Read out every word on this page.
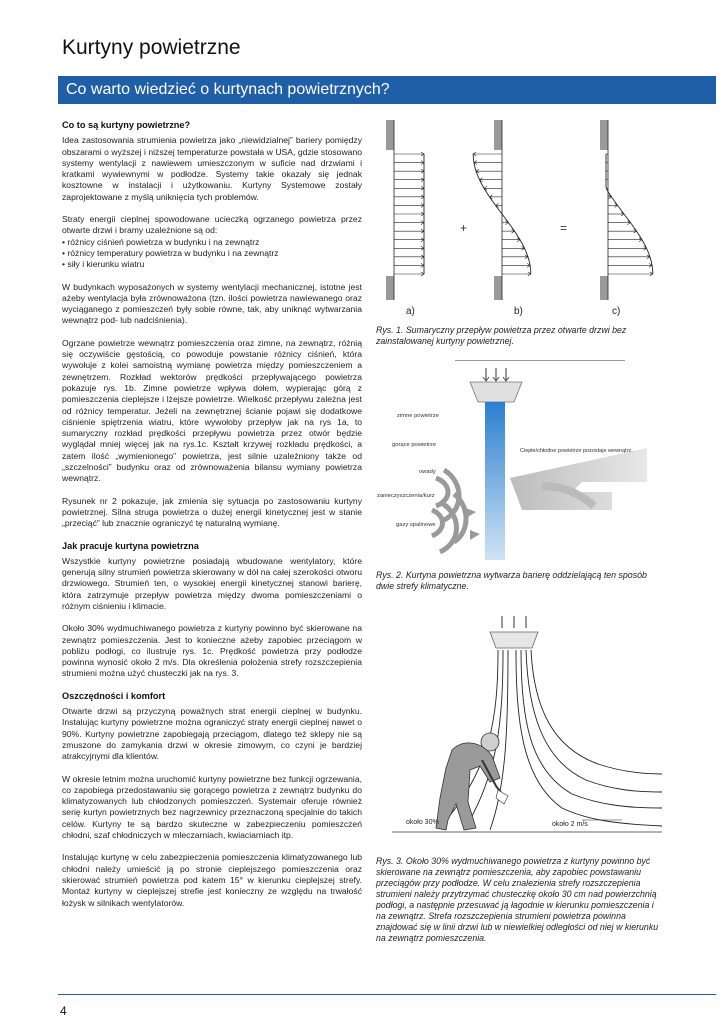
Kurtyny powietrzne
Co warto wiedzieć o kurtynach powietrznych?
Co to są kurtyny powietrzne?

Idea zastosowania strumienia powietrza jako „niewidzialnej” bariery pomiędzy obszarami o wyższej i niższej temperaturze powstała w USA, gdzie stosowano systemy wentylacji z nawiewem umieszczonym w suficie nad drzwiami i kratkami wywiewnymi w podłodze. Systemy takie okazały się jednak kosztowne w instalacji i użytkowaniu. Kurtyny Systemowe zostały zaprojektowane z myślą uniknięcia tych problemów.

Straty energii cieplnej spowodowane ucieczką ogrzanego powietrza przez otwarte drzwi i bramy uzależnione są od:

• różnicy ciśnień powietrza w budynku i na zewnątrz
• różnicy temperatury powietrza w budynku i na zewnątrz
• siły i kierunku wiatru

W budynkach wyposażonych w systemy wentylacji mechanicznej, istotne jest ażeby wentylacja była zrównoważona (tzn. ilości powietrza nawiewanego oraz wyciąganego z pomieszczeń były sobie równe, tak, aby uniknąć wytwarzania wewnątrz pod- lub nadciśnienia).

Ogrzane powietrze wewnątrz pomieszczenia oraz zimne, na zewnątrz, różnią się oczywiście gęstością, co powoduje powstanie różnicy ciśnień, która wywołuje z kolei samoistną wymianę powietrza między pomieszczeniem a zewnętrzem. Rozkład wektorów prędkości przepływającego powietrza pokazuje rys. 1b. Zimne powietrze wpływa dołem, wypierając górą z pomieszczenia cieplejsze i lżejsze powietrze. Wielkość przepływu zależna jest od różnicy temperatur. Jeżeli na zewnętrznej ścianie pojawi się dodatkowe ciśnienie spiętrzenia wiatru, które wywołoby przepływ jak na rys 1a, to sumaryczny rozkład prędkości przepływu powietrza przez otwór będzie wyglądał mniej więcej jak na rys.1c. Kształt krzywej rozkładu prędkości, a zatem ilość „wymienionego” powietrza, jest silnie uzależniony także od „szczelności” budynku oraz od zrównoważenia bilansu wymiany powietrza wewnątrz.

Rysunek nr 2 pokazuje, jak zmienia się sytuacja po zastosowaniu kurtyny powietrznej. Silna struga powietrza o dużej energii kinetycznej jest w stanie „przeciąć” lub znacznie ograniczyć tę naturalną wymianę.

Jak pracuje kurtyna powietrzna

Wszystkie kurtyny powietrzne posiadają wbudowane wentylatory, które generują silny strumień powietrza skierowany w dół na całej szerokości otworu drzwiowego. Strumień ten, o wysokiej energii kinetycznej stanowi barierę, która zatrzymuje przepływ powietrza między dwoma pomieszczeniami o różnym ciśnieniu i klimacie.

Około 30% wydmuchiwanego powietrza z kurtyny powinno być skierowane na zewnątrz pomieszczenia. Jest to konieczne ażeby zapobiec przeciągom w pobliżu podłogi, co ilustruje rys. 1c. Prędkość powietrza przy podłodze powinna wynosić około 2 m/s. Dla określenia położenia strefy rozszczepienia strumieni można użyć chusteczki jak na rys. 3.

Oszczędności i komfort

Otwarte drzwi są przyczyną poważnych strat energii cieplnej w budynku. Instalując kurtyny powietrzne można ograniczyć straty energii cieplnej nawet o 90%. Kurtyny powietrzne zapobiegają przeciągom, dlatego też sklepy nie są zmuszone do zamykania drzwi w okresie zimowym, co czyni je bardziej atrakcyjnymi dla klientów.

W okresie letnim można uruchomić kurtyny powietrzne bez funkcji ogrzewania, co zapobiega przedostawaniu się gorącego powietrza z zewnątrz budynku do klimatyzowanych lub chłodzonych pomieszczeń. Systemair oferuje również serię kurtyn powietrznych bez nagrzewnicy przeznaczoną specjalnie do takich celów. Kurtyny te są bardzo skuteczne w zabezpieczeniu pomieszczeń chłodni, szaf chłodniczych w mleczarniach, kwiaciarniach itp.

Instalując kurtynę w celu zabezpieczenia pomieszczenia klimatyzowanego lub chłodni należy umieścić ją po stronie cieplejszego pomieszczenia oraz skierować strumień powietrza pod katem 15° w kierunku cieplejszej strefy. Montaż kurtyny w cieplejszej strefie jest konieczny ze względu na trwałość łożysk w silnikach wentylatorów.

+	=
a)	b)	c)
Rys. 1. Sumaryczny przepływ powietrza przez otwarte drzwi bez zainstalowanej kurtyny powietrznej.
zimne powietrze
gorące powietrze
owady
zanieczyszczenia/kurz
gazy spalinowe
Ciepłe/chłodne powietrze pozostaje wewnątrz.
Rys. 2. Kurtyna powietrzna wytwarza barierę oddzielającą ten sposób dwie strefy klimatyczne.
około 30%	około 2 m/s
Rys. 3. Około 30% wydmuchiwanego powietrza z kurtyny powinno być skierowane na zewnątrz pomieszczenia, aby zapobiec powstawaniu przeciągów przy podłodze. W celu znalezienia strefy rozszczepienia strumieni należy przytrzymać chusteczkę około 30 cm nad powierzchnią podłogi, a następnie przesuwać ją łagodnie w kierunku pomieszczenia i na zewnątrz. Strefa rozszczepienia strumieni powietrza powinna znajdować się w linii drzwi lub w niewielkiej odległości od niej w kierunku na zewnątrz pomieszczenia.
4
